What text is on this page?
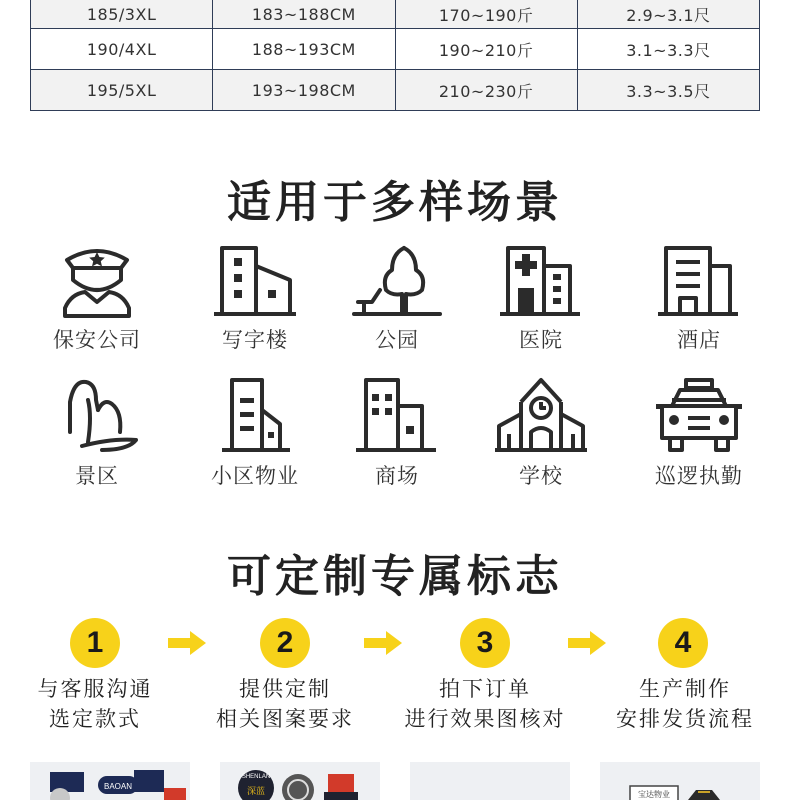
185/3XL	183~188CM	170~190斤	2.9~3.1尺
190/4XL	188~193CM	190~210斤	3.1~3.3尺
195/5XL	193~198CM	210~230斤	3.3~3.5尺
适用于多样场景
保安公司	写字楼	公园	医院	酒店
景区	小区物业	商场	学校	巡逻执勤
可定制专属标志
1	2	3	4
与客服沟通
选定款式
提供定制
相关图案要求
拍下订单
进行效果图核对
生产制作
安排发货流程
BAOAN
SHENLAN
深蓝	宝达物业
